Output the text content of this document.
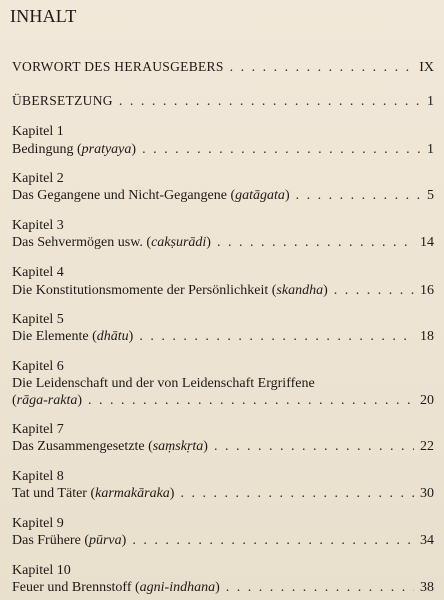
INHALT
VORWORT DES HERAUSGEBERS . . .	IX
ÜBERSETZUNG . . .	1
Kapitel 1
Bedingung (pratyaya) . . .	1
Kapitel 2
Das Gegangene und Nicht-Gegangene (gatāgata) . . .	5
Kapitel 3
Das Sehvermögen usw. (cakṣurādi) . . .	14
Kapitel 4
Die Konstitutionsmomente der Persönlichkeit (skandha) . . .	16
Kapitel 5
Die Elemente (dhātu) . . .	18
Kapitel 6
Die Leidenschaft und der von Leidenschaft Ergriffene
(rāga-rakta) . . .	20
Kapitel 7
Das Zusammengesetzte (saṃskṛta) . . .	22
Kapitel 8
Tat und Täter (karmakāraka) . . .	30
Kapitel 9
Das Frühere (pūrva) . . .	34
Kapitel 10
Feuer und Brennstoff (agni-indhana) . . .	38
